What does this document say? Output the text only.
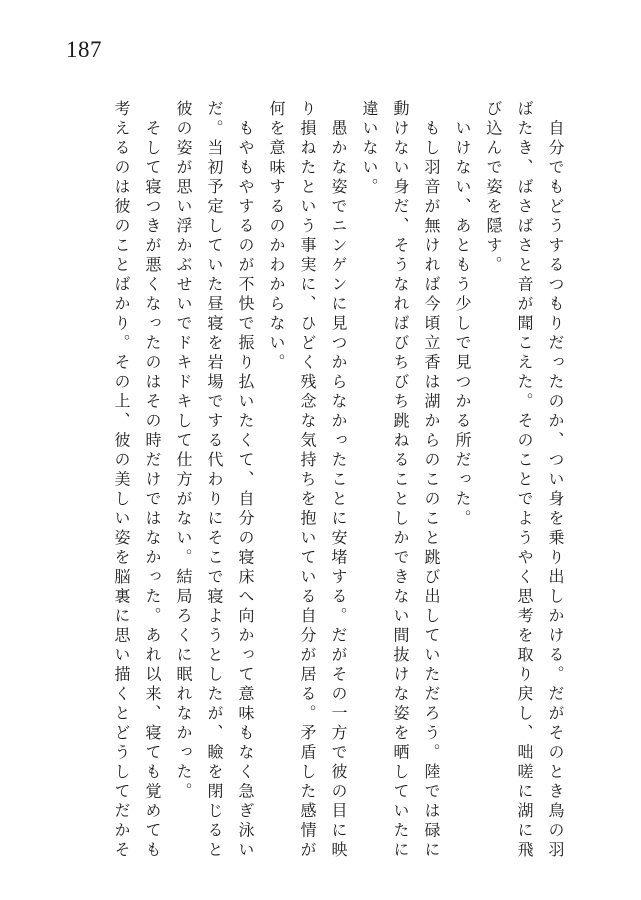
187
　自分でもどうするつもりだったのか、つい身を乗り出しかける。だがそのとき鳥の羽
ばたき、ばさばさと音が聞こえた。そのことでようやく思考を取り戻し、咄嗟に湖に飛
び込んで姿を隠す。
　いけない、あともう少しで見つかる所だった。
　もし羽音が無ければ今頃立香は湖からのこのこと跳び出していただろう。陸では碌に
動けない身だ、そうなればびちびち跳ねることしかできない間抜けな姿を晒していたに
違いない。
　愚かな姿でニンゲンに見つからなかったことに安堵する。だがその一方で彼の目に映
り損ねたという事実に、ひどく残念な気持ちを抱いている自分が居る。矛盾した感情が
何を意味するのかわからない。
　もやもやするのが不快で振り払いたくて、自分の寝床へ向かって意味もなく急ぎ泳い
だ。当初予定していた昼寝を岩場でする代わりにそこで寝ようとしたが、瞼を閉じると
彼の姿が思い浮かぶせいでドキドキして仕方がない。結局ろくに眠れなかった。
　そして寝つきが悪くなったのはその時だけではなかった。あれ以来、寝ても覚めても
考えるのは彼のことばかり。その上、彼の美しい姿を脳裏に思い描くとどうしてだかそ
